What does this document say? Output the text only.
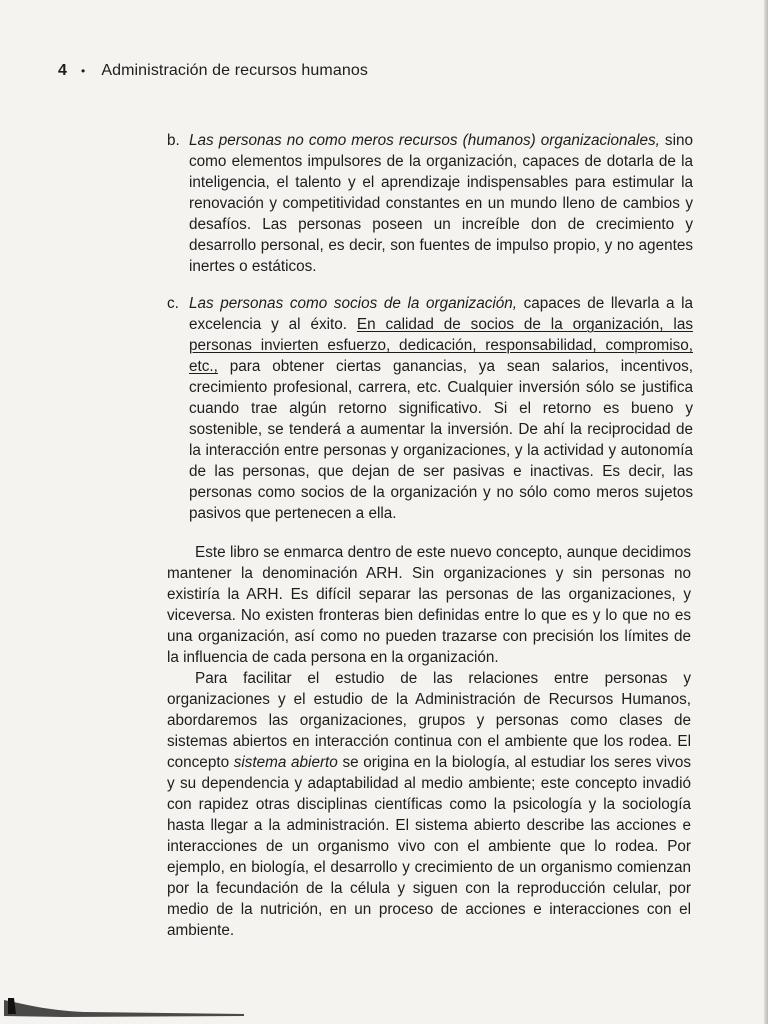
4 • Administración de recursos humanos
b. Las personas no como meros recursos (humanos) organizacionales, sino como elementos impulsores de la organización, capaces de dotarla de la inteligencia, el talento y el aprendizaje indispensables para estimular la renovación y competitividad constantes en un mundo lleno de cambios y desafíos. Las personas poseen un increíble don de crecimiento y desarrollo personal, es decir, son fuentes de impulso propio, y no agentes inertes o estáticos.
c. Las personas como socios de la organización, capaces de llevarla a la excelencia y al éxito. En calidad de socios de la organización, las personas invierten esfuerzo, dedicación, responsabilidad, compromiso, etc., para obtener ciertas ganancias, ya sean salarios, incentivos, crecimiento profesional, carrera, etc. Cualquier inversión sólo se justifica cuando trae algún retorno significativo. Si el retorno es bueno y sostenible, se tenderá a aumentar la inversión. De ahí la reciprocidad de la interacción entre personas y organizaciones, y la actividad y autonomía de las personas, que dejan de ser pasivas e inactivas. Es decir, las personas como socios de la organización y no sólo como meros sujetos pasivos que pertenecen a ella.

Este libro se enmarca dentro de este nuevo concepto, aunque decidimos mantener la denominación ARH. Sin organizaciones y sin personas no existiría la ARH. Es difícil separar las personas de las organizaciones, y viceversa. No existen fronteras bien definidas entre lo que es y lo que no es una organización, así como no pueden trazarse con precisión los límites de la influencia de cada persona en la organización.

Para facilitar el estudio de las relaciones entre personas y organizaciones y el estudio de la Administración de Recursos Humanos, abordaremos las organizaciones, grupos y personas como clases de sistemas abiertos en interacción continua con el ambiente que los rodea. El concepto sistema abierto se origina en la biología, al estudiar los seres vivos y su dependencia y adaptabilidad al medio ambiente; este concepto invadió con rapidez otras disciplinas científicas como la psicología y la sociología hasta llegar a la administración. El sistema abierto describe las acciones e interacciones de un organismo vivo con el ambiente que lo rodea. Por ejemplo, en biología, el desarrollo y crecimiento de un organismo comienzan por la fecundación de la célula y siguen con la reproducción celular, por medio de la nutrición, en un proceso de acciones e interacciones con el ambiente.
